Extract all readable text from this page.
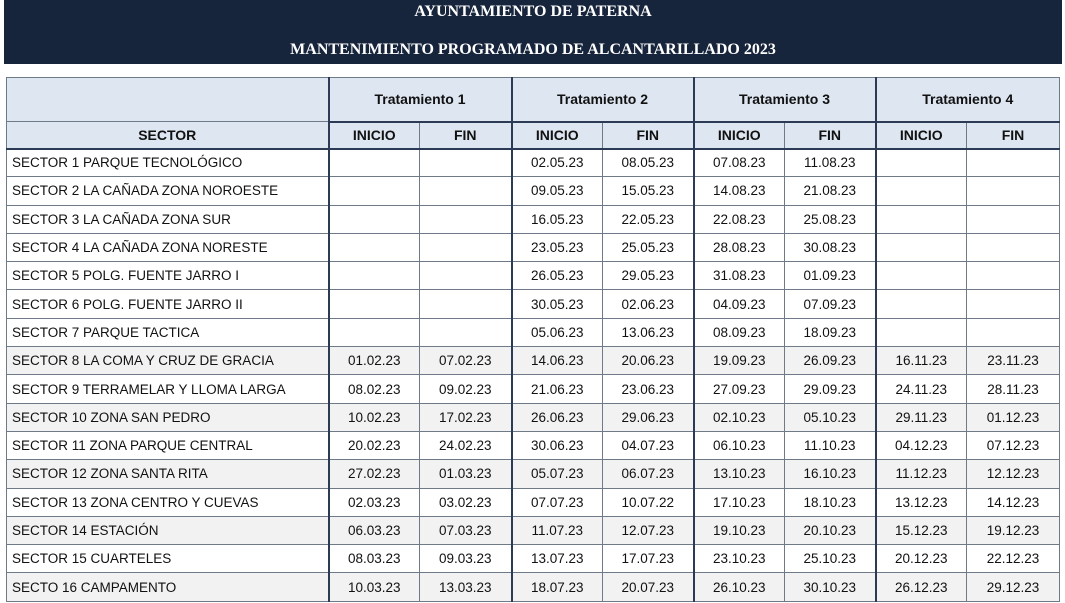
AYUNTAMIENTO DE PATERNA
MANTENIMIENTO PROGRAMADO DE ALCANTARILLADO 2023
	Tratamiento 1		Tratamiento 2		Tratamiento 3		Tratamiento 4	
SECTOR	INICIO	FIN	INICIO	FIN	INICIO	FIN	INICIO	FIN
SECTOR 1 PARQUE TECNOLÓGICO			02.05.23	08.05.23	07.08.23	11.08.23		
SECTOR 2 LA CAÑADA ZONA NOROESTE			09.05.23	15.05.23	14.08.23	21.08.23		
SECTOR 3 LA CAÑADA ZONA SUR			16.05.23	22.05.23	22.08.23	25.08.23		
SECTOR 4 LA CAÑADA ZONA NORESTE			23.05.23	25.05.23	28.08.23	30.08.23		
SECTOR 5 POLG. FUENTE JARRO I			26.05.23	29.05.23	31.08.23	01.09.23		
SECTOR 6 POLG. FUENTE JARRO II			30.05.23	02.06.23	04.09.23	07.09.23		
SECTOR 7 PARQUE TACTICA			05.06.23	13.06.23	08.09.23	18.09.23		
SECTOR 8 LA COMA Y CRUZ DE GRACIA	01.02.23	07.02.23	14.06.23	20.06.23	19.09.23	26.09.23	16.11.23	23.11.23
SECTOR 9 TERRAMELAR Y LLOMA LARGA	08.02.23	09.02.23	21.06.23	23.06.23	27.09.23	29.09.23	24.11.23	28.11.23
SECTOR 10 ZONA SAN PEDRO	10.02.23	17.02.23	26.06.23	29.06.23	02.10.23	05.10.23	29.11.23	01.12.23
SECTOR 11 ZONA PARQUE CENTRAL	20.02.23	24.02.23	30.06.23	04.07.23	06.10.23	11.10.23	04.12.23	07.12.23
SECTOR 12 ZONA SANTA RITA	27.02.23	01.03.23	05.07.23	06.07.23	13.10.23	16.10.23	11.12.23	12.12.23
SECTOR 13 ZONA CENTRO Y CUEVAS	02.03.23	03.02.23	07.07.23	10.07.22	17.10.23	18.10.23	13.12.23	14.12.23
SECTOR 14 ESTACIÓN	06.03.23	07.03.23	11.07.23	12.07.23	19.10.23	20.10.23	15.12.23	19.12.23
SECTOR 15 CUARTELES	08.03.23	09.03.23	13.07.23	17.07.23	23.10.23	25.10.23	20.12.23	22.12.23
SECTO 16 CAMPAMENTO	10.03.23	13.03.23	18.07.23	20.07.23	26.10.23	30.10.23	26.12.23	29.12.23
